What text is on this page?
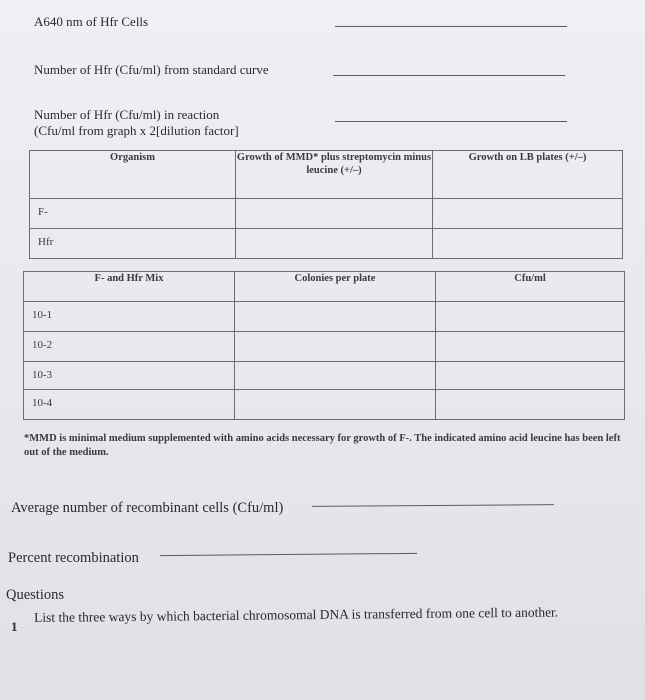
A640 nm of Hfr Cells
Number of Hfr (Cfu/ml) from standard curve
Number of Hfr (Cfu/ml) in reaction
(Cfu/ml from graph x 2[dilution factor]
Organism	Growth of MMD* plus streptomycin minus leucine (+/–)	Growth on LB plates (+/–)
F-		
Hfr		
F- and Hfr Mix	Colonies per plate	Cfu/ml
10-1		
10-2		
10-3		
10-4		
*MMD is minimal medium supplemented with amino acids necessary for growth of F-. The indicated amino acid leucine has been left out of the medium.
Average number of recombinant cells (Cfu/ml)
Percent recombination
Questions
1
List the three ways by which bacterial chromosomal DNA is transferred from one cell to another.
